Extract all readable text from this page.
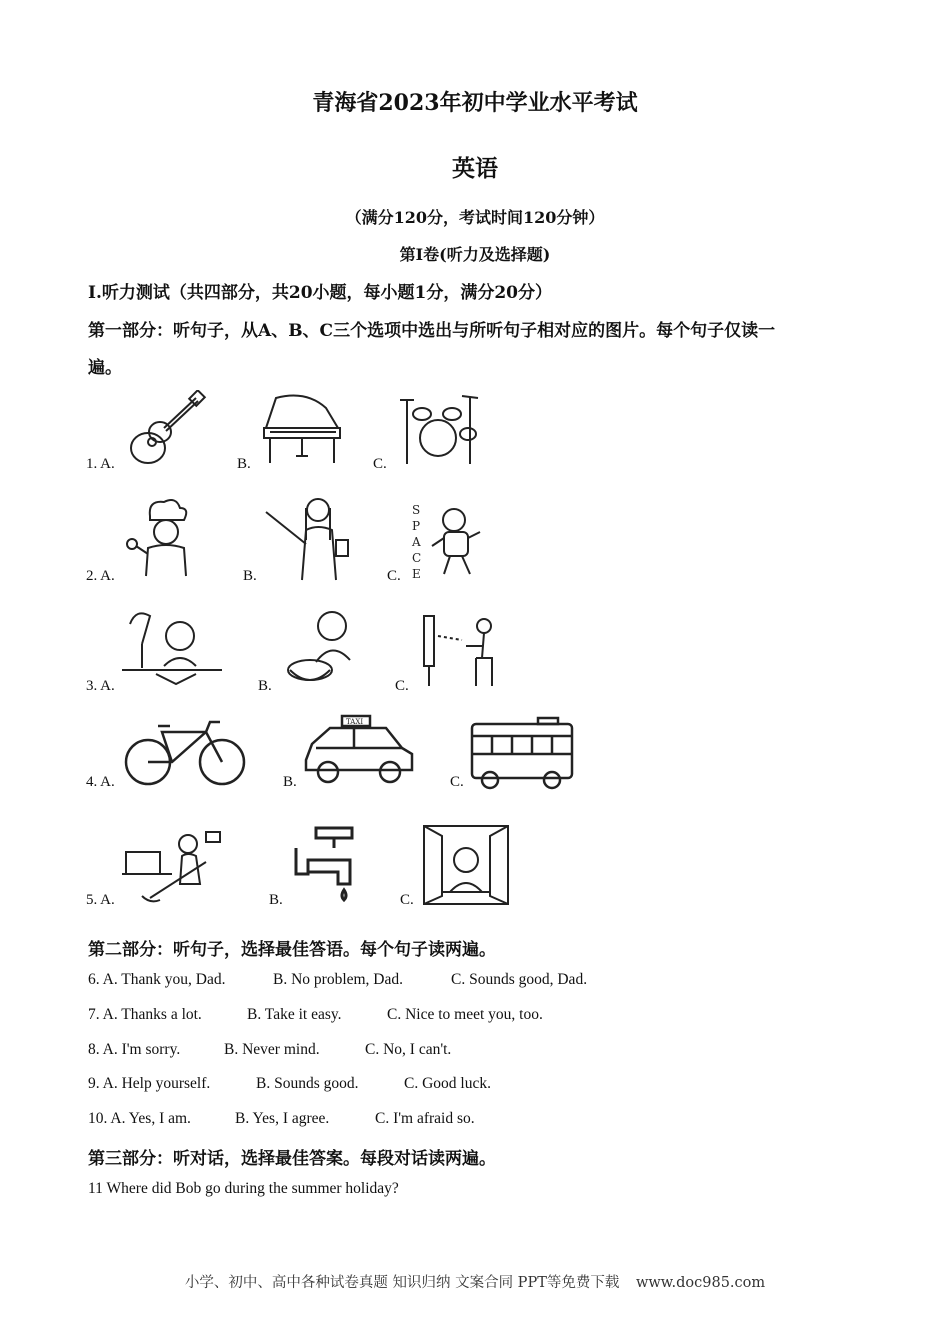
青海省2023年初中学业水平考试
英语
（满分120分，考试时间120分钟）
第I卷(听力及选择题)
I.听力测试（共四部分，共20小题，每小题1分，满分20分）
第一部分：听句子，从A、B、C三个选项中选出与所听句子相对应的图片。每个句子仅读一
遍。
1. A.	B.	C.
2. A.	B.	C.
S
P
A
C
E
3. A.	B.	C.
4. A.	B.	C.
TAXI
5. A.	B.	C.
第二部分：听句子，选择最佳答语。每个句子读两遍。
6. A. Thank you, Dad.	B. No problem, Dad.	C. Sounds good, Dad.
7. A. Thanks a lot.	B. Take it easy.	C. Nice to meet you, too.
8. A. I'm sorry.	B. Never mind.	C. No, I can't.
9. A. Help yourself.	B. Sounds good.	C. Good luck.
10. A. Yes, I am.	B. Yes, I agree.	C. I'm afraid so.
第三部分：听对话，选择最佳答案。每段对话读两遍。
11 Where did Bob go during the summer holiday?
小学、初中、高中各种试卷真题 知识归纳 文案合同 PPT等免费下载 www.doc985.com
